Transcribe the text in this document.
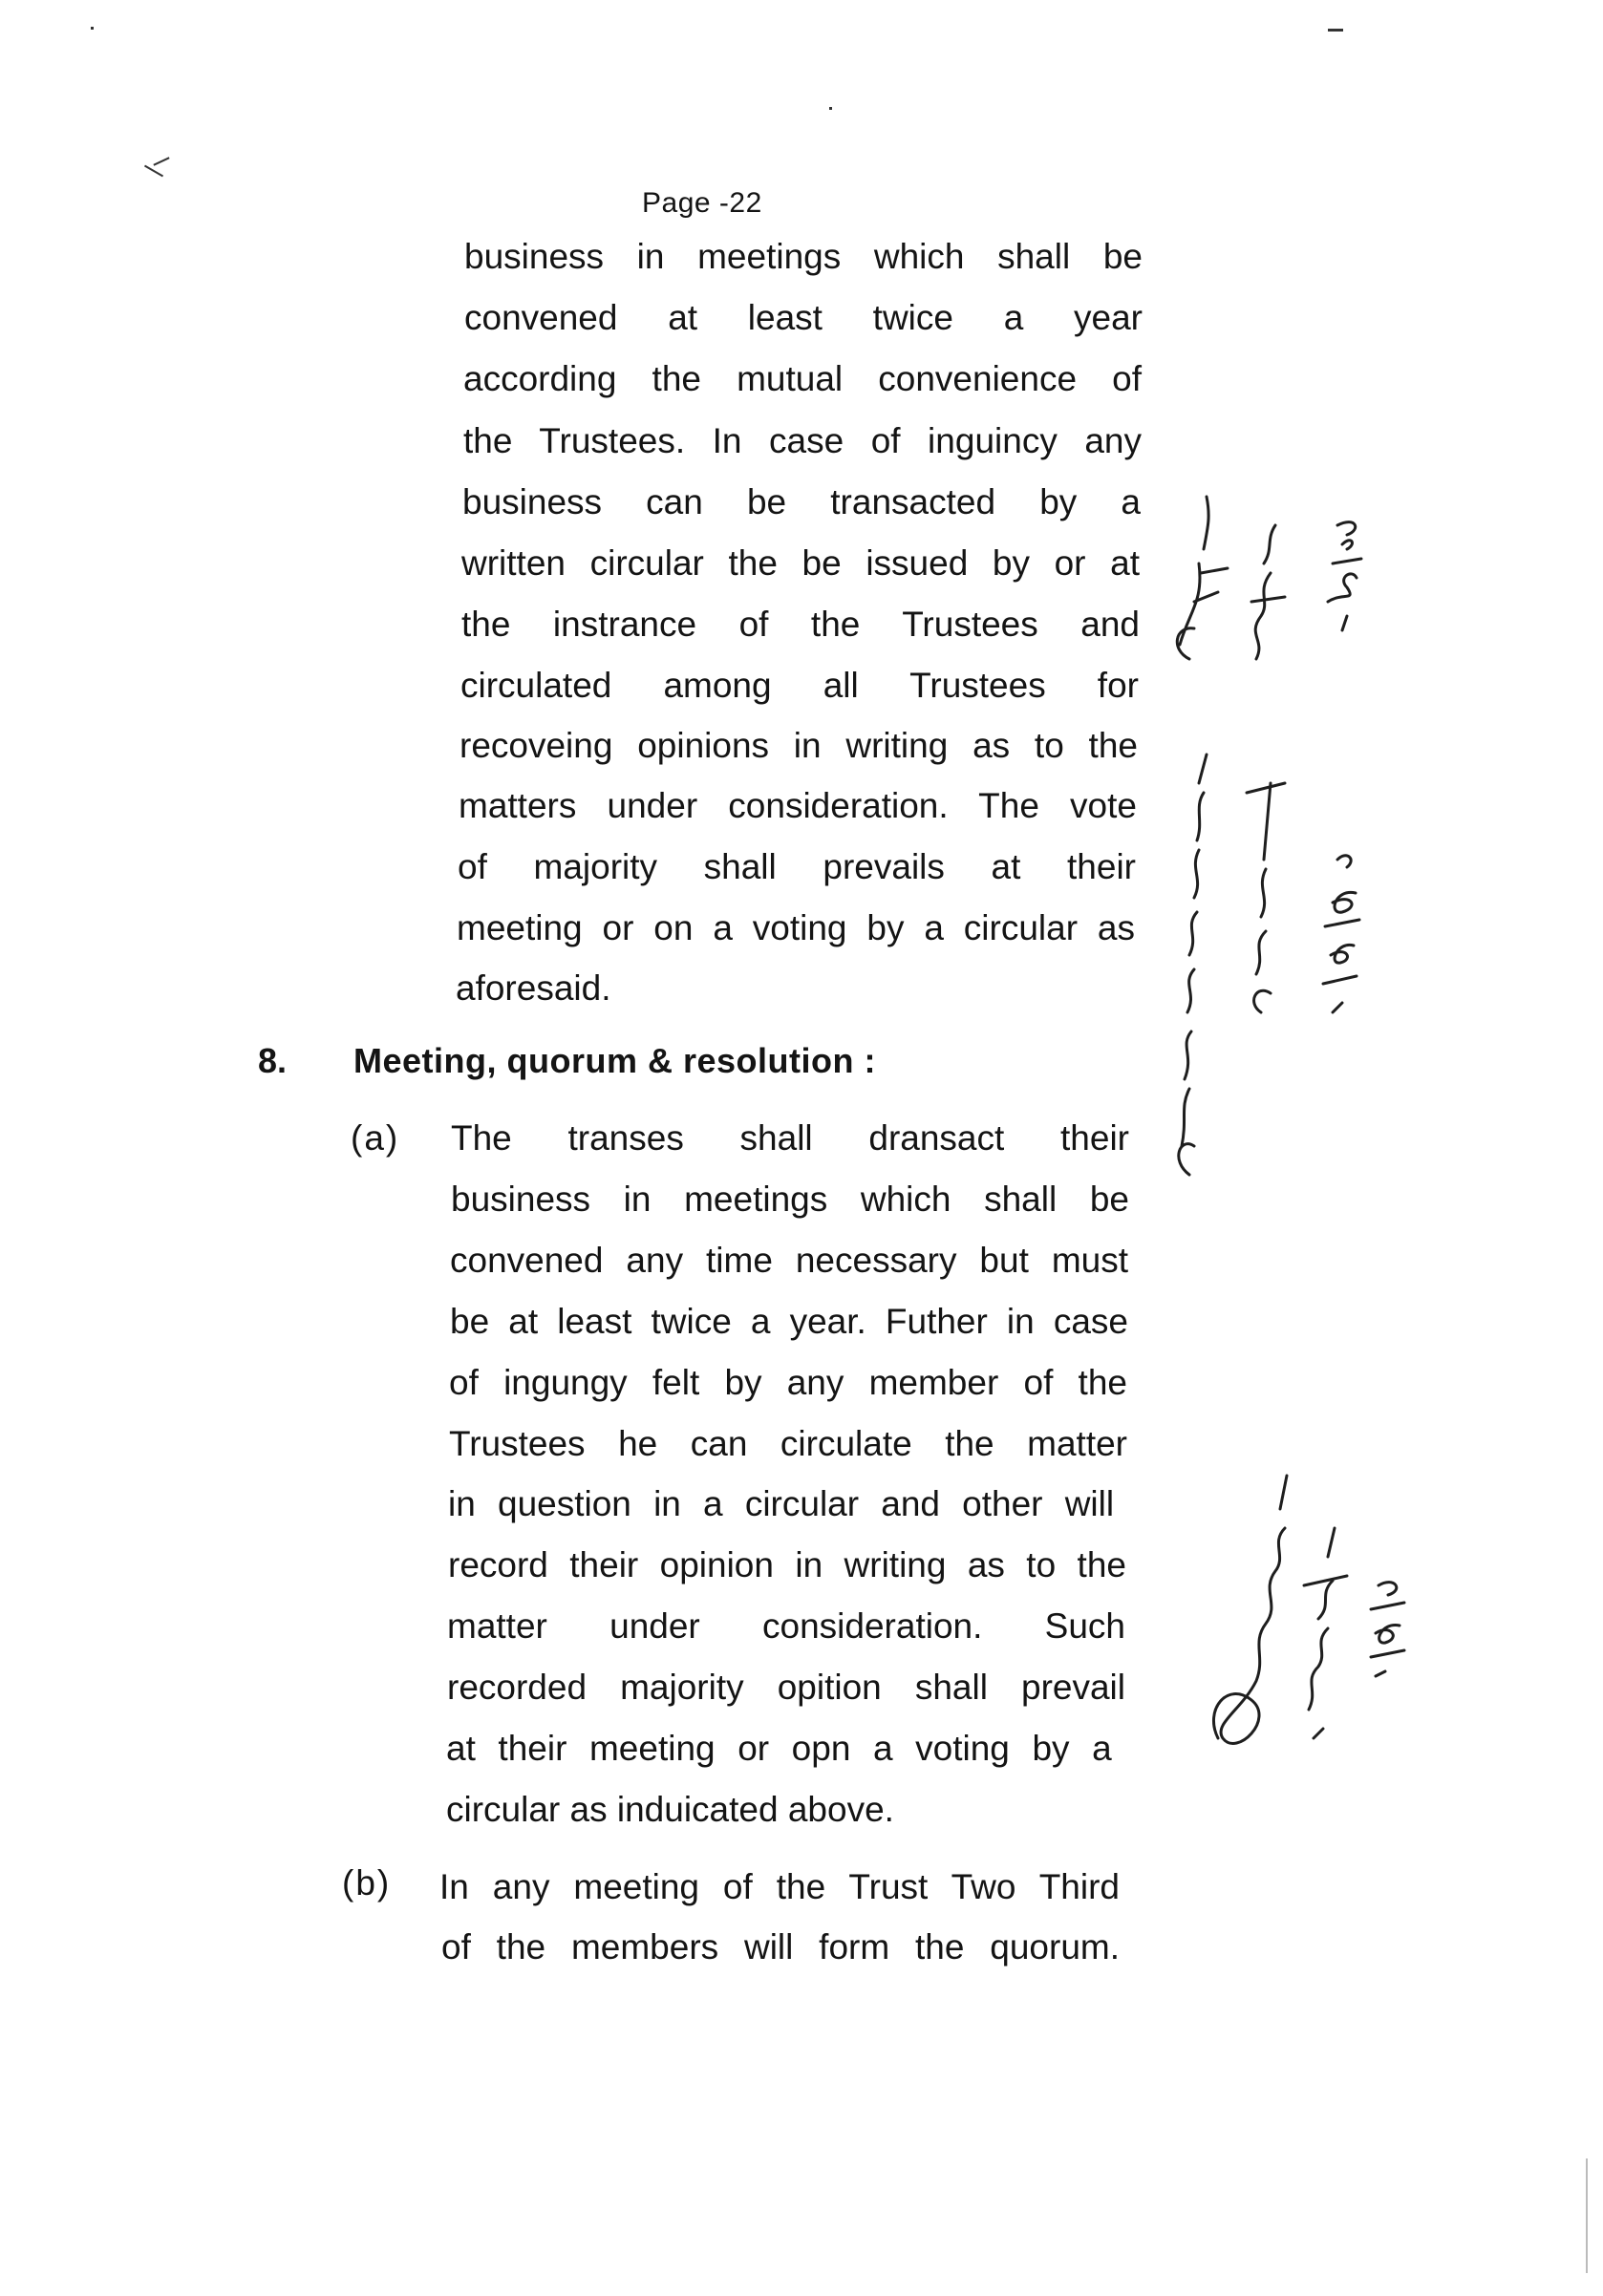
Page -22
business in meetings which shall be
convened at least twice a year
according the mutual convenience of
the Trustees. In case of inguincy any
business can be transacted by a
written circular the be issued by or at
the instrance of the Trustees and
circulated among all Trustees for
recoveing opinions in writing as to the
matters under consideration. The vote
of majority shall prevails at their
meeting or on a voting by a circular as
aforesaid.
8. Meeting, quorum & resolution :
(a) The transes shall dransact their
business in meetings which shall be
convened any time necessary but must
be at least twice a year. Futher in case
of ingungy felt by any member of the
Trustees he can circulate the matter
in question in a circular and other will
record their opinion in writing as to the
matter under consideration. Such
recorded majority opition shall prevail
at their meeting or opn a voting by a
circular as induicated above.
(b) In any meeting of the Trust Two Third
of the members will form the quorum.
